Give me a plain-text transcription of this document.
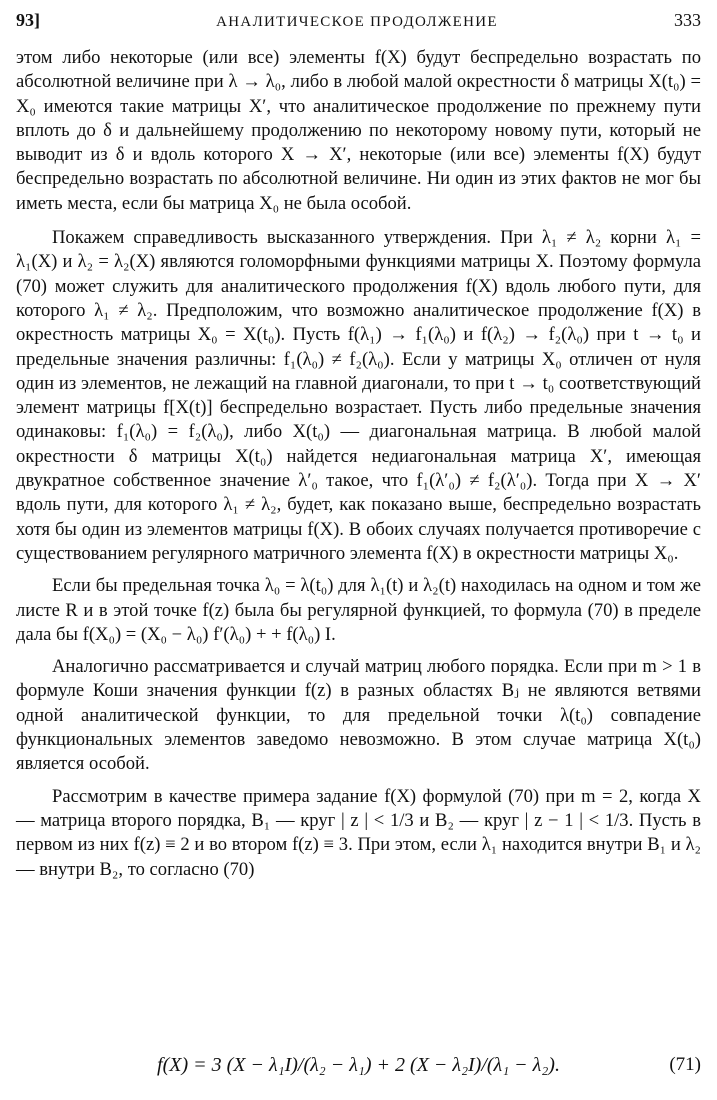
93]	АНАЛИТИЧЕСКОЕ ПРОДОЛЖЕНИЕ	333

этом либо некоторые (или все) элементы f(X) будут беспредельно возрастать по абсолютной величине при λ → λ₀, либо в любой малой окрестности δ матрицы X(t₀) = X₀ имеются такие матрицы X′, что аналитическое продолжение по прежнему пути вплоть до δ и дальнейшему продолжению по некоторому новому пути, который не выводит из δ и вдоль которого X → X′, некоторые (или все) элементы f(X) будут беспредельно возрастать по абсолютной величине. Ни один из этих фактов не мог бы иметь места, если бы матрица X₀ не была особой.

Покажем справедливость высказанного утверждения. При λ₁ ≠ λ₂ корни λ₁ = λ₁(X) и λ₂ = λ₂(X) являются голоморфными функциями матрицы X. Поэтому формула (70) может служить для аналитического продолжения f(X) вдоль любого пути, для которого λ₁ ≠ λ₂. Предположим, что возможно аналитическое продолжение f(X) в окрестность матрицы X₀ = X(t₀). Пусть f(λ₁) → f₁(λ₀) и f(λ₂) → f₂(λ₀) при t → t₀ и предельные значения различны: f₁(λ₀) ≠ f₂(λ₀). Если у матрицы X₀ отличен от нуля один из элементов, не лежащий на главной диагонали, то при t → t₀ соответствующий элемент матрицы f[X(t)] беспредельно возрастает. Пусть либо предельные значения одинаковы: f₁(λ₀) = f₂(λ₀), либо X(t₀) — диагональная матрица. В любой малой окрестности δ матрицы X(t₀) найдется недиагональная матрица X′, имеющая двукратное собственное значение λ′₀ такое, что f₁(λ′₀) ≠ f₂(λ′₀). Тогда при X → X′ вдоль пути, для которого λ₁ ≠ λ₂, будет, как показано выше, беспредельно возрастать хотя бы один из элементов матрицы f(X). В обоих случаях получается противоречие с существованием регулярного матричного элемента f(X) в окрестности матрицы X₀.

Если бы предельная точка λ₀ = λ(t₀) для λ₁(t) и λ₂(t) находилась на одном и том же листе R и в этой точке f(z) была бы регулярной функцией, то формула (70) в пределе дала бы f(X₀) = (X₀ − λ₀) f′(λ₀) + + f(λ₀) I.

Аналогично рассматривается и случай матриц любого порядка. Если при m > 1 в формуле Коши значения функции f(z) в разных областях Bⱼ не являются ветвями одной аналитической функции, то для предельной точки λ(t₀) совпадение функциональных элементов заведомо невозможно. В этом случае матрица X(t₀) является особой.

Рассмотрим в качестве примера задание f(X) формулой (70) при m = 2, когда X — матрица второго порядка, B₁ — круг | z | < 1/3 и B₂ — круг | z − 1 | < 1/3. Пусть в первом из них f(z) ≡ 2 и во втором f(z) ≡ 3. При этом, если λ₁ находится внутри B₁ и λ₂ — внутри B₂, то согласно (70)

f(X) = 3 (X − λ₁I)/(λ₂ − λ₁) + 2 (X − λ₂I)/(λ₁ − λ₂).	(71)
